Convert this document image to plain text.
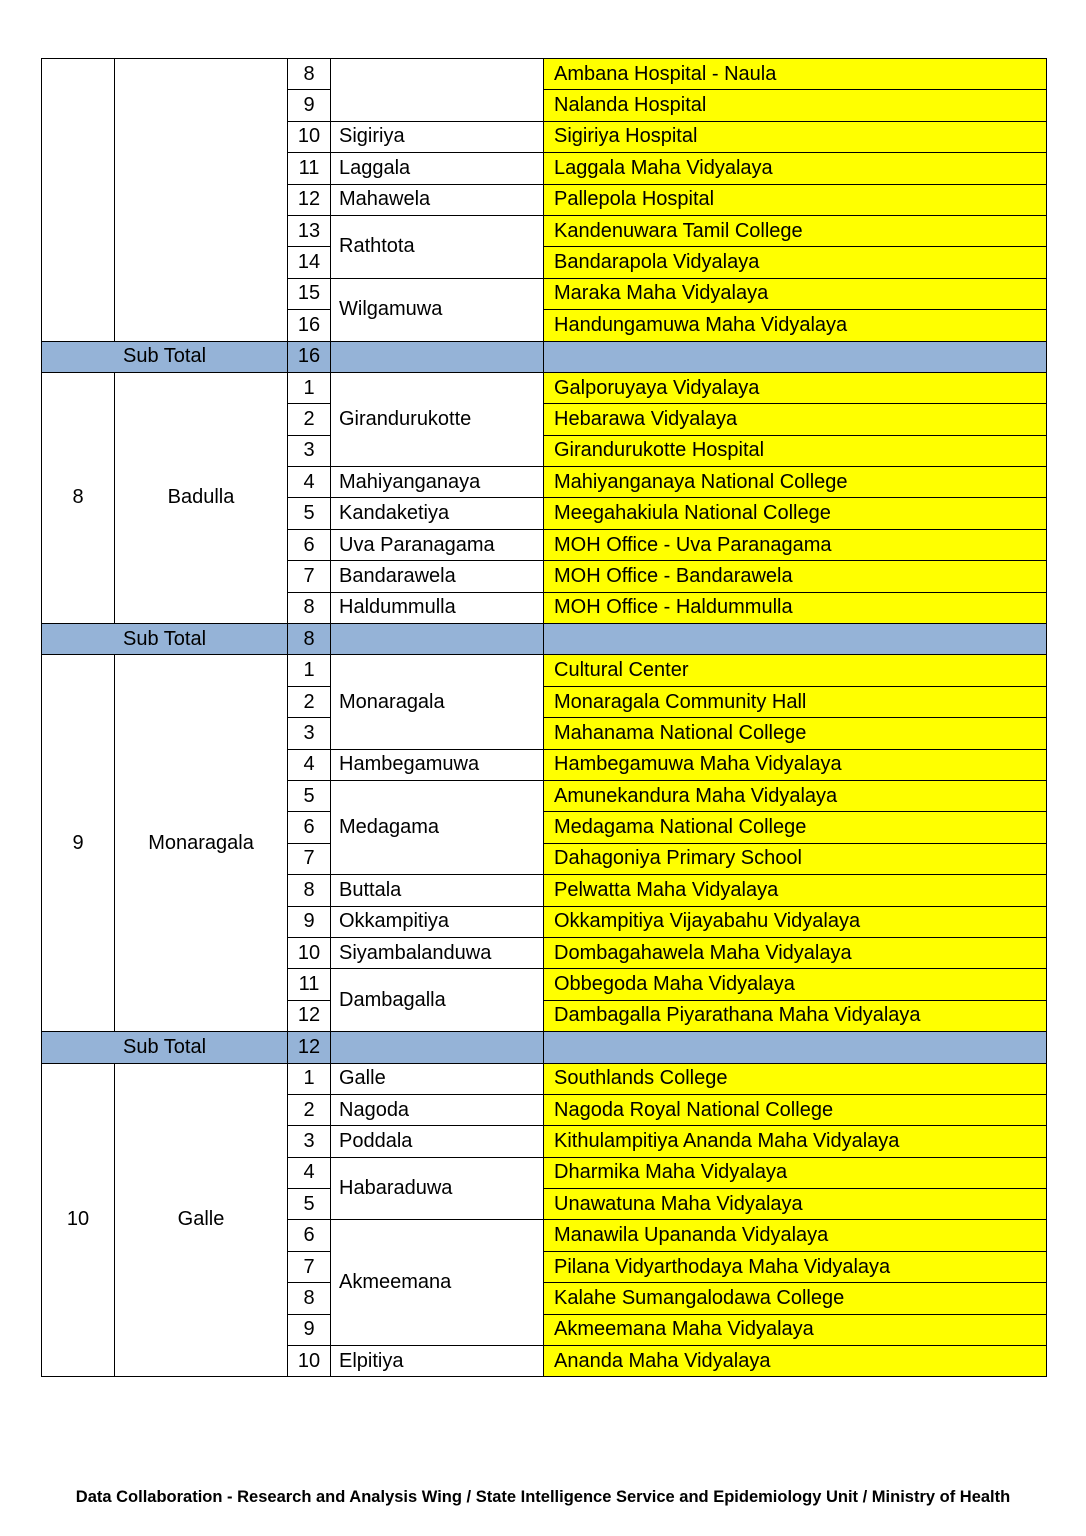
		8		Ambana Hospital - Naula
		9		Nalanda Hospital
		10	Sigiriya	Sigiriya Hospital
		11	Laggala	Laggala Maha Vidyalaya
		12	Mahawela	Pallepola Hospital
		13	Rathtota	Kandenuwara Tamil College
		14		Bandarapola Vidyalaya
		15	Wilgamuwa	Maraka Maha Vidyalaya
		16		Handungamuwa Maha Vidyalaya
Sub Total		16		
8	Badulla	1	Girandurukotte	Galporuyaya Vidyalaya
		2		Hebarawa Vidyalaya
		3		Girandurukotte Hospital
		4	Mahiyanganaya	Mahiyanganaya National College
		5	Kandaketiya	Meegahakiula National College
		6	Uva Paranagama	MOH Office - Uva Paranagama
		7	Bandarawela	MOH Office - Bandarawela
		8	Haldummulla	MOH Office - Haldummulla
Sub Total		8		
9	Monaragala	1	Monaragala	Cultural Center
		2		Monaragala Community Hall
		3		Mahanama National College
		4	Hambegamuwa	Hambegamuwa Maha Vidyalaya
		5	Medagama	Amunekandura Maha Vidyalaya
		6		Medagama National College
		7		Dahagoniya Primary School
		8	Buttala	Pelwatta Maha Vidyalaya
		9	Okkampitiya	Okkampitiya Vijayabahu Vidyalaya
		10	Siyambalanduwa	Dombagahawela Maha Vidyalaya
		11	Dambagalla	Obbegoda Maha Vidyalaya
		12		Dambagalla Piyarathana Maha Vidyalaya
Sub Total		12		
10	Galle	1	Galle	Southlands College
		2	Nagoda	Nagoda Royal National College
		3	Poddala	Kithulampitiya Ananda Maha Vidyalaya
		4	Habaraduwa	Dharmika Maha Vidyalaya
		5		Unawatuna Maha Vidyalaya
		6	Akmeemana	Manawila Upananda Vidyalaya
		7		Pilana Vidyarthodaya Maha Vidyalaya
		8		Kalahe Sumangalodawa College
		9		Akmeemana Maha Vidyalaya
		10	Elpitiya	Ananda Maha Vidyalaya
Data Collaboration - Research and Analysis Wing / State Intelligence Service and Epidemiology Unit / Ministry of Health
